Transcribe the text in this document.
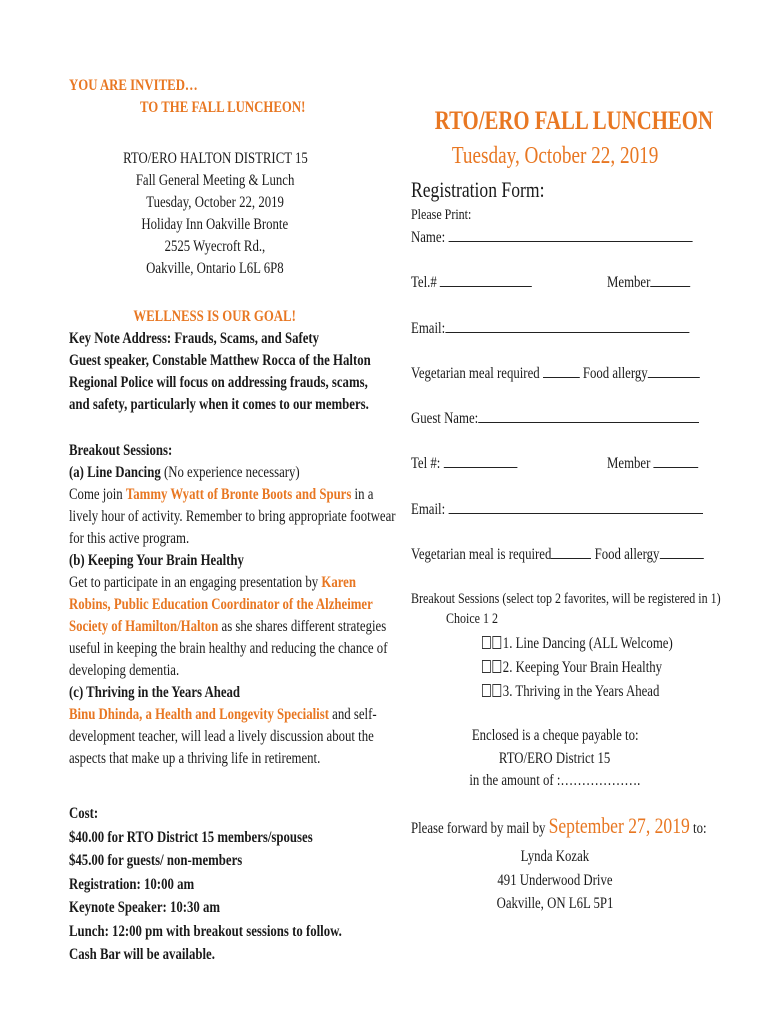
YOU ARE INVITED…
TO THE FALL LUNCHEON!
RTO/ERO HALTON DISTRICT 15
Fall General Meeting & Lunch
Tuesday, October 22, 2019
Holiday Inn Oakville Bronte
2525 Wyecroft Rd.,
Oakville, Ontario L6L 6P8
WELLNESS IS OUR GOAL!
Key Note Address: Frauds, Scams, and Safety
Guest speaker, Constable Matthew Rocca of the Halton
Regional Police will focus on addressing frauds, scams,
and safety, particularly when it comes to our members.
Breakout Sessions:
(a) Line Dancing (No experience necessary)
Come join Tammy Wyatt of Bronte Boots and Spurs in a
lively hour of activity. Remember to bring appropriate footwear
for this active program.
(b) Keeping Your Brain Healthy
Get to participate in an engaging presentation by Karen
Robins, Public Education Coordinator of the Alzheimer
Society of Hamilton/Halton as she shares different strategies
useful in keeping the brain healthy and reducing the chance of
developing dementia.
(c) Thriving in the Years Ahead
Binu Dhinda, a Health and Longevity Specialist and self-
development teacher, will lead a lively discussion about the
aspects that make up a thriving life in retirement.
Cost:
$40.00 for RTO District 15 members/spouses
$45.00 for guests/ non-members
Registration: 10:00 am
Keynote Speaker: 10:30 am
Lunch: 12:00 pm with breakout sessions to follow.
Cash Bar will be available.
RTO/ERO FALL LUNCHEON
Tuesday, October 22, 2019
Registration Form:
Please Print:
Name:
Tel.#	Member
Email:
Vegetarian meal required	Food allergy
Guest Name:
Tel #:	Member
Email:
Vegetarian meal is required	Food allergy
Breakout Sessions (select top 2 favorites, will be registered in 1)
Choice 1 2
1. Line Dancing (ALL Welcome)
2. Keeping Your Brain Healthy
3. Thriving in the Years Ahead
Enclosed is a cheque payable to:
RTO/ERO District 15
in the amount of :……………….
Please forward by mail by September 27, 2019 to:
Lynda Kozak
491 Underwood Drive
Oakville, ON L6L 5P1
